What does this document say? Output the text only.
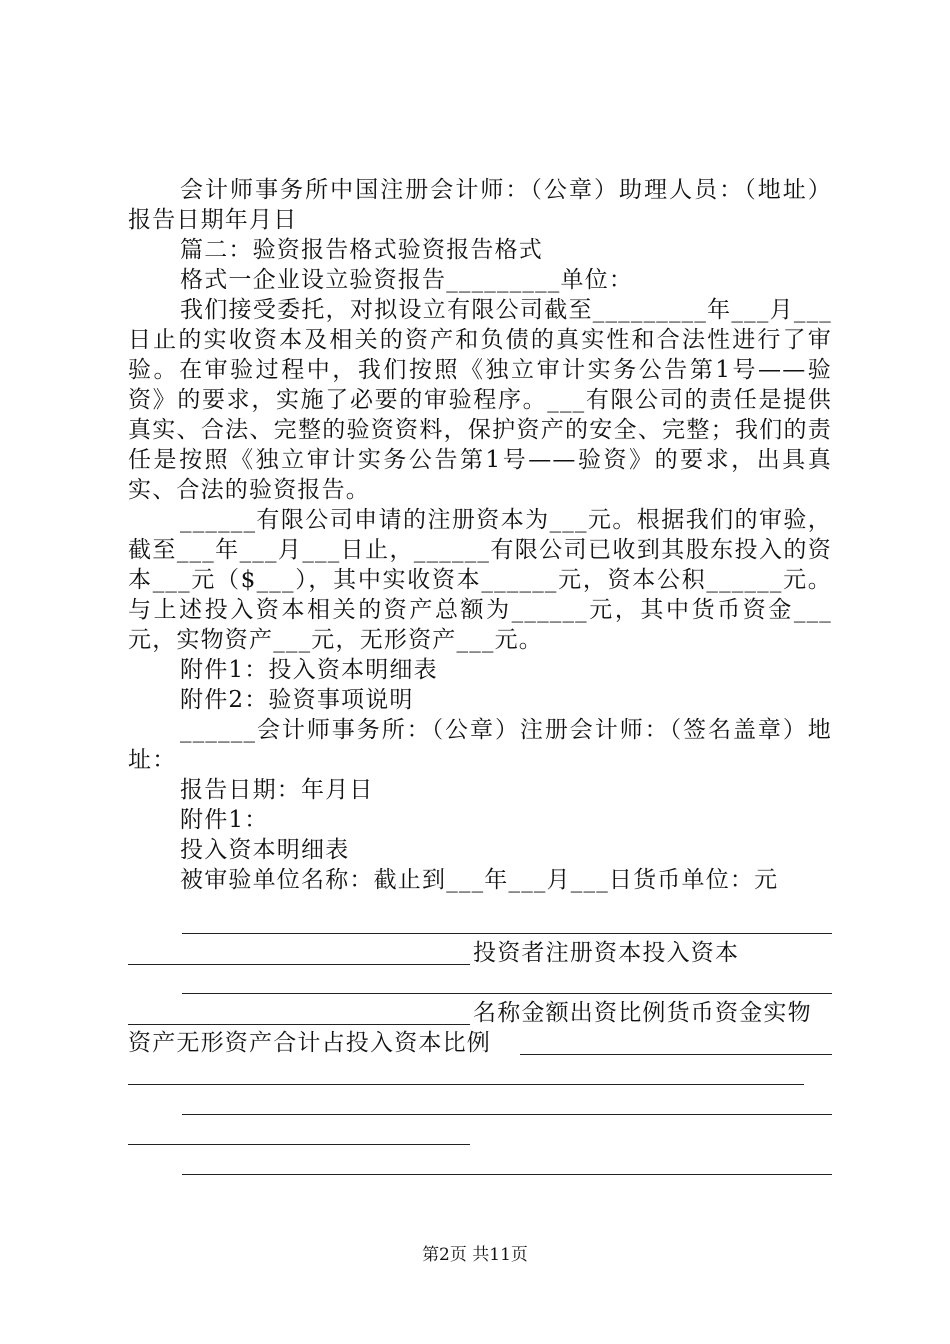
会计师事务所中国注册会计师：（公章）助理人员：（地址）报告日期年月日

篇二：验资报告格式验资报告格式

格式一企业设立验资报告_________单位：

我们接受委托，对拟设立有限公司截至_________年___月___日止的实收资本及相关的资产和负债的真实性和合法性进行了审验。在审验过程中，我们按照《独立审计实务公告第1号——验资》的要求，实施了必要的审验程序。___有限公司的责任是提供真实、合法、完整的验资资料，保护资产的安全、完整；我们的责任是按照《独立审计实务公告第1号——验资》的要求，出具真实、合法的验资报告。

______有限公司申请的注册资本为___元。根据我们的审验，截至___年___月___日止，______有限公司已收到其股东投入的资本___元（$___），其中实收资本______元，资本公积______元。与上述投入资本相关的资产总额为______元，其中货币资金___元，实物资产___元，无形资产___元。

附件1：投入资本明细表

附件2：验资事项说明

______会计师事务所：（公章）注册会计师：（签名盖章）地址：

报告日期：年月日

附件1：

投入资本明细表

被审验单位名称：截止到___年___月___日货币单位：元

投资者注册资本投入资本
名称金额出资比例货币资金实物
资产无形资产合计占投入资本比例
第2页 共11页
